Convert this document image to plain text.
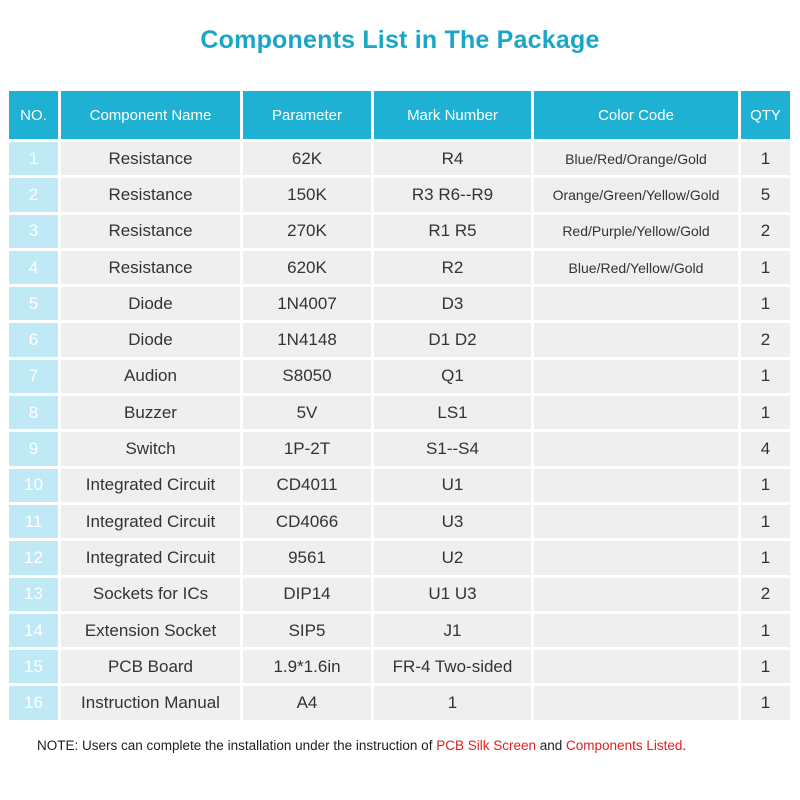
Components List in The Package
NO.	Component Name	Parameter	Mark Number	Color Code	QTY
1	Resistance	62K	R4	Blue/Red/Orange/Gold	1
2	Resistance	150K	R3 R6--R9	Orange/Green/Yellow/Gold	5
3	Resistance	270K	R1 R5	Red/Purple/Yellow/Gold	2
4	Resistance	620K	R2	Blue/Red/Yellow/Gold	1
5	Diode	1N4007	D3		1
6	Diode	1N4148	D1 D2		2
7	Audion	S8050	Q1		1
8	Buzzer	5V	LS1		1
9	Switch	1P-2T	S1--S4		4
10	Integrated Circuit	CD4011	U1		1
11	Integrated Circuit	CD4066	U3		1
12	Integrated Circuit	9561	U2		1
13	Sockets for ICs	DIP14	U1 U3		2
14	Extension Socket	SIP5	J1		1
15	PCB Board	1.9*1.6in	FR-4 Two-sided		1
16	Instruction Manual	A4	1		1
NOTE: Users can complete the installation under the instruction of PCB Silk Screen and Components Listed.
